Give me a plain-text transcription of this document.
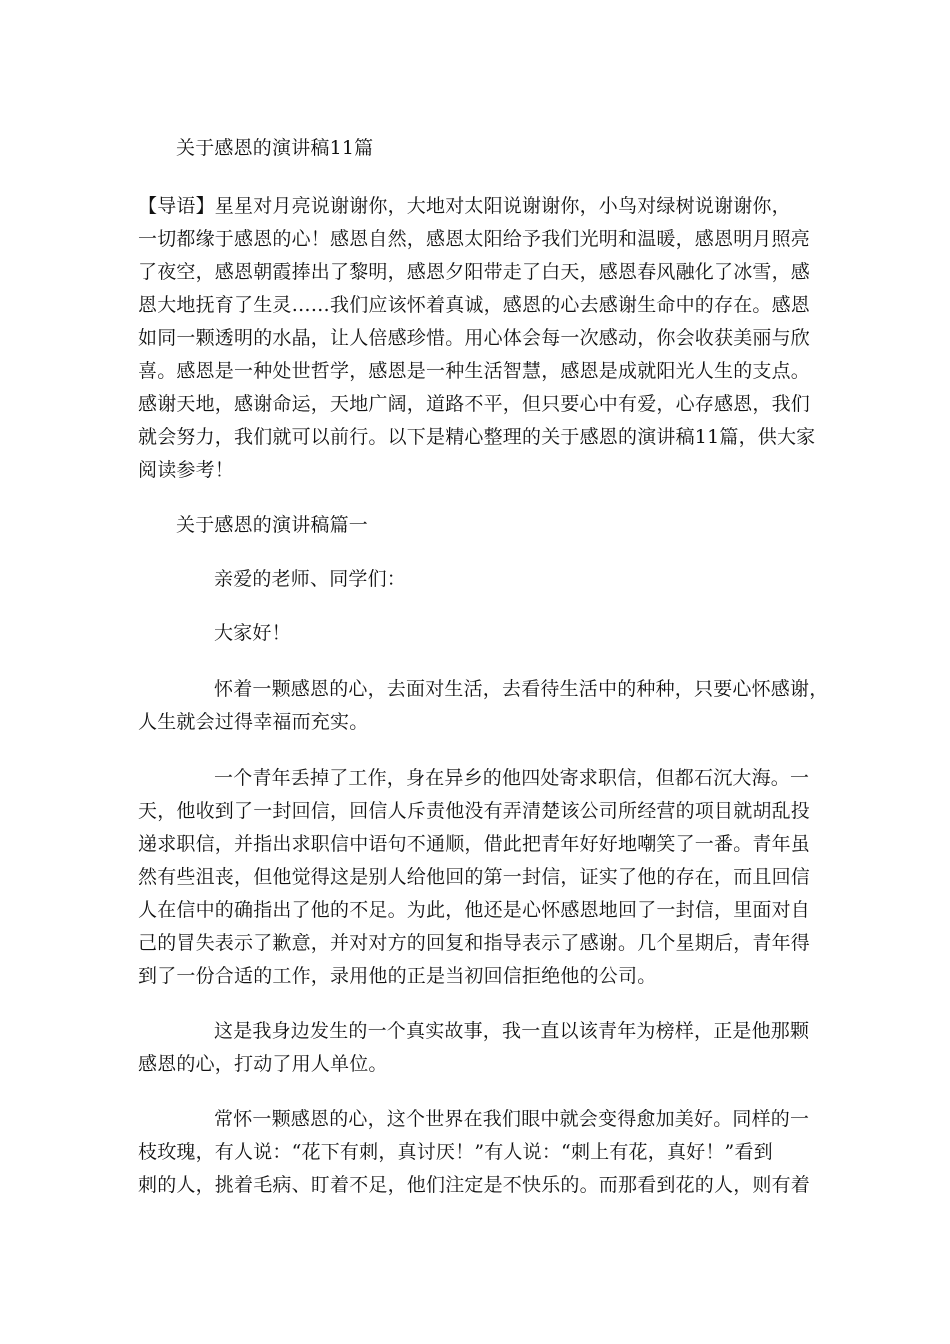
关于感恩的演讲稿11篇
【导语】星星对月亮说谢谢你，大地对太阳说谢谢你，小鸟对绿树说谢谢你，
一切都缘于感恩的心！感恩自然，感恩太阳给予我们光明和温暖，感恩明月照亮
了夜空，感恩朝霞捧出了黎明，感恩夕阳带走了白天，感恩春风融化了冰雪，感
恩大地抚育了生灵……我们应该怀着真诚，感恩的心去感谢生命中的存在。感恩
如同一颗透明的水晶，让人倍感珍惜。用心体会每一次感动，你会收获美丽与欣
喜。感恩是一种处世哲学，感恩是一种生活智慧，感恩是成就阳光人生的支点。
感谢天地，感谢命运，天地广阔，道路不平，但只要心中有爱，心存感恩，我们
就会努力，我们就可以前行。以下是精心整理的关于感恩的演讲稿11篇，供大家
阅读参考！
关于感恩的演讲稿篇一
亲爱的老师、同学们：
大家好！
怀着一颗感恩的心，去面对生活，去看待生活中的种种，只要心怀感谢，
人生就会过得幸福而充实。
一个青年丢掉了工作，身在异乡的他四处寄求职信，但都石沉大海。一
天，他收到了一封回信，回信人斥责他没有弄清楚该公司所经营的项目就胡乱投
递求职信，并指出求职信中语句不通顺，借此把青年好好地嘲笑了一番。青年虽
然有些沮丧，但他觉得这是别人给他回的第一封信，证实了他的存在，而且回信
人在信中的确指出了他的不足。为此，他还是心怀感恩地回了一封信，里面对自
己的冒失表示了歉意，并对对方的回复和指导表示了感谢。几个星期后，青年得
到了一份合适的工作，录用他的正是当初回信拒绝他的公司。
这是我身边发生的一个真实故事，我一直以该青年为榜样，正是他那颗
感恩的心，打动了用人单位。
常怀一颗感恩的心，这个世界在我们眼中就会变得愈加美好。同样的一
枝玫瑰，有人说：“花下有刺，真讨厌！”有人说：“刺上有花，真好！”看到
刺的人，挑着毛病、盯着不足，他们注定是不快乐的。而那看到花的人，则有着
